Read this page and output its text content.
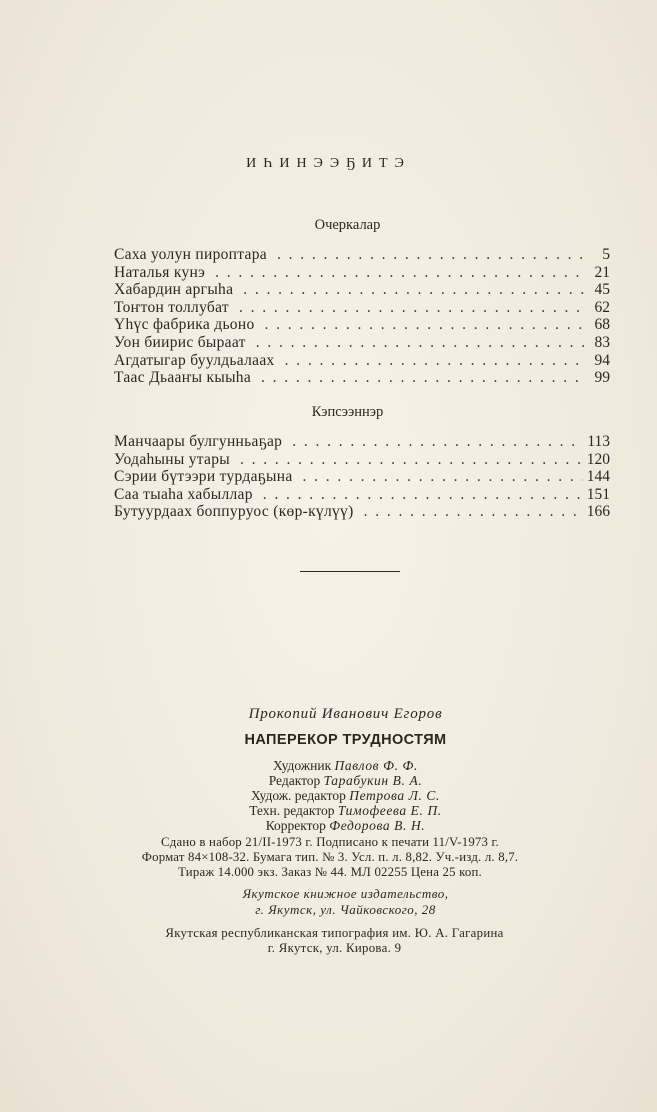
ИҺИНЭЭҔИТЭ
Очеркалар
Саха уолун пироптара . .	5
Наталья кунэ . .	21
Хабардин аргыһа . .	45
Тоҥтон толлубат . .	62
Үһүс фабрика дьоно . .	68
Уон биирис быраат . .	83
Агдатыгар буулдьалаах . .	94
Таас Дьааҥы кыыһа . .	99
Кэпсээннэр
Манчаары булгунньаҕар . .	113
Уодаһыны утары . .	120
Сэрии бүтээри турдаҕына . .	144
Саа тыаһа хабыллар . .	151
Бутуурдаах боппуруос (көр-күлүү) . .	166
Прокопий Иванович Егоров
НАПЕРЕКОР ТРУДНОСТЯМ
Художник Павлов Ф. Ф.
Редактор Тарабукин В. А.
Худож. редактор Петрова Л. С.
Техн. редактор Тимофеева Е. П.
Корректор Федорова В. Н.
Сдано в набор 21/II-1973 г. Подписано к печати 11/V-1973 г.
Формат 84×108-32. Бумага тип. № 3. Усл. п. л. 8,82. Уч.-изд. л. 8,7.
Тираж 14.000 экз. Заказ № 44. МЛ 02255 Цена 25 коп.
Якутское книжное издательство,
г. Якутск, ул. Чайковского, 28
Якутская республиканская типография им. Ю. А. Гагарина
г. Якутск, ул. Кирова. 9
